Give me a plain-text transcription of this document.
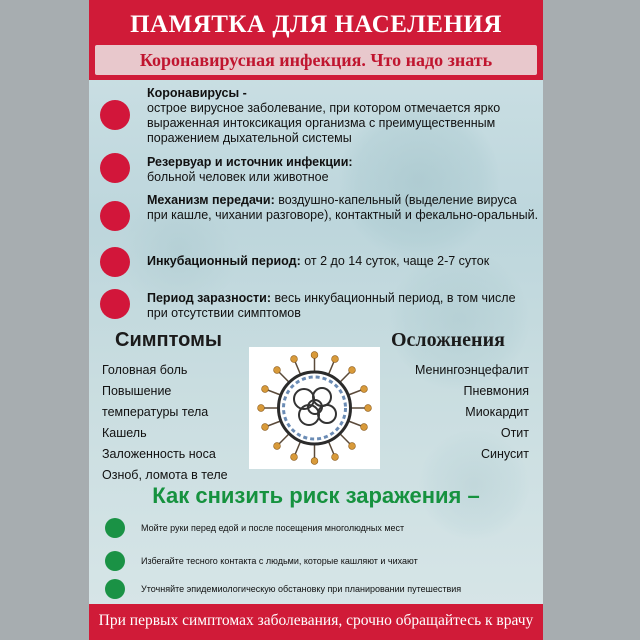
ПАМЯТКА ДЛЯ НАСЕЛЕНИЯ
Коронавирусная инфекция. Что надо знать
Коронавирусы -
острое вирусное заболевание, при котором отмечается ярко выраженная интоксикация организма с преимущественным поражением дыхательной системы
Резервуар и источник инфекции:
больной человек или животное
Механизм передачи: воздушно-капельный (выделение вируса при кашле, чихании разговоре), контактный и фекально-оральный.
Инкубационный период: от 2 до 14 суток, чаще 2-7 суток
Период заразности: весь инкубационный период, в том числе при отсутствии симптомов
Симптомы	Осложнения
Головная боль
Повышение
температуры тела
Кашель
Заложенность носа
Озноб, ломота в теле
Менингоэнцефалит
Пневмония
Миокардит
Отит
Синусит
Как снизить риск заражения –
Мойте руки перед едой и после посещения многолюдных мест
Избегайте тесного контакта с людьми, которые кашляют и чихают
Уточняйте эпидемиологическую обстановку при планировании путешествия
При первых симптомах заболевания, срочно обращайтесь к врачу
